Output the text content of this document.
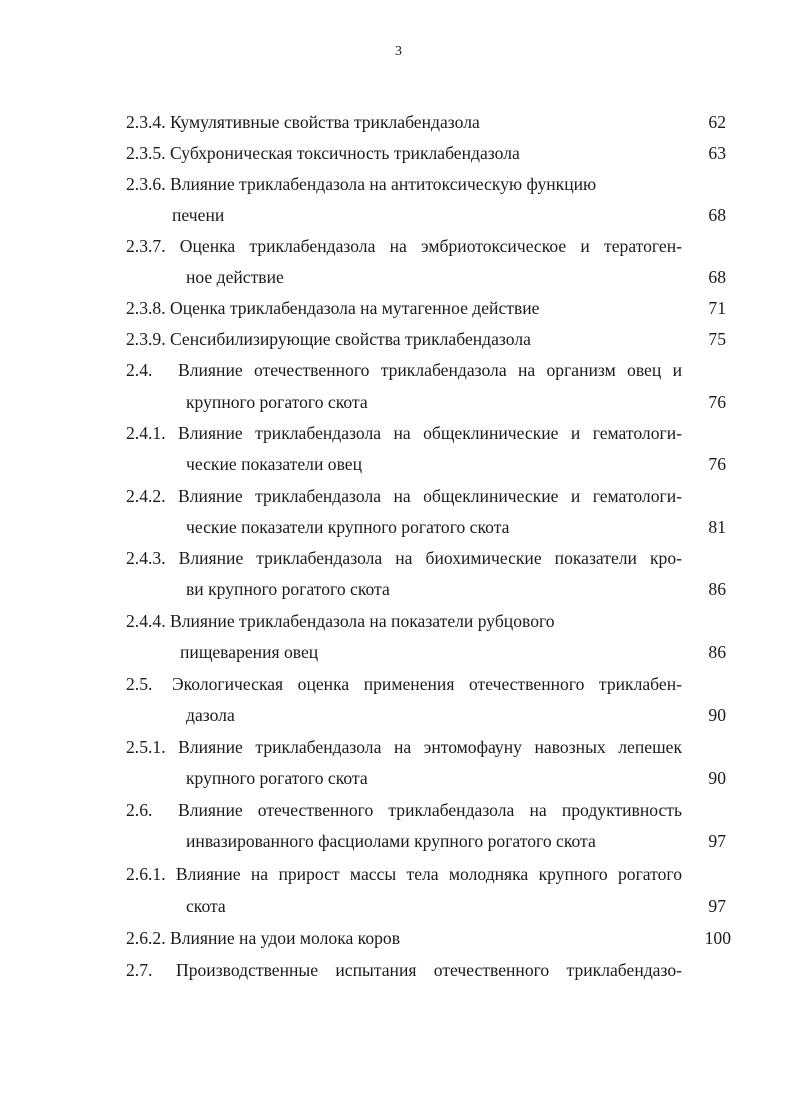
3
2.3.4. Кумулятивные свойства триклабендазола	62
2.3.5. Субхроническая токсичность триклабендазола	63
2.3.6. Влияние триклабендазола на антитоксическую функцию
печени	68
2.3.7. Оценка триклабендазола на эмбриотоксическое и тератоген-
ное действие	68
2.3.8. Оценка триклабендазола на мутагенное действие	71
2.3.9. Сенсибилизирующие свойства триклабендазола	75
2.4.	Влияние отечественного триклабендазола на организм овец и
крупного рогатого скота	76
2.4.1. Влияние триклабендазола на общеклинические и гематологи-
ческие показатели овец	76
2.4.2. Влияние триклабендазола на общеклинические и гематологи-
ческие показатели крупного рогатого скота	81
2.4.3. Влияние триклабендазола на биохимические показатели кро-
ви крупного рогатого скота	86
2.4.4. Влияние триклабендазола на показатели рубцового
пищеварения овец	86
2.5.	Экологическая оценка применения отечественного триклабен-
дазола	90
2.5.1. Влияние триклабендазола на энтомофауну навозных лепешек
крупного рогатого скота	90
2.6.	Влияние отечественного триклабендазола на продуктивность
инвазированного фасциолами крупного рогатого скота	97
2.6.1. Влияние на прирост массы тела молодняка крупного рогатого
скота	97
2.6.2. Влияние на удои молока коров	100
2.7.	Производственные испытания отечественного триклабендазо-
